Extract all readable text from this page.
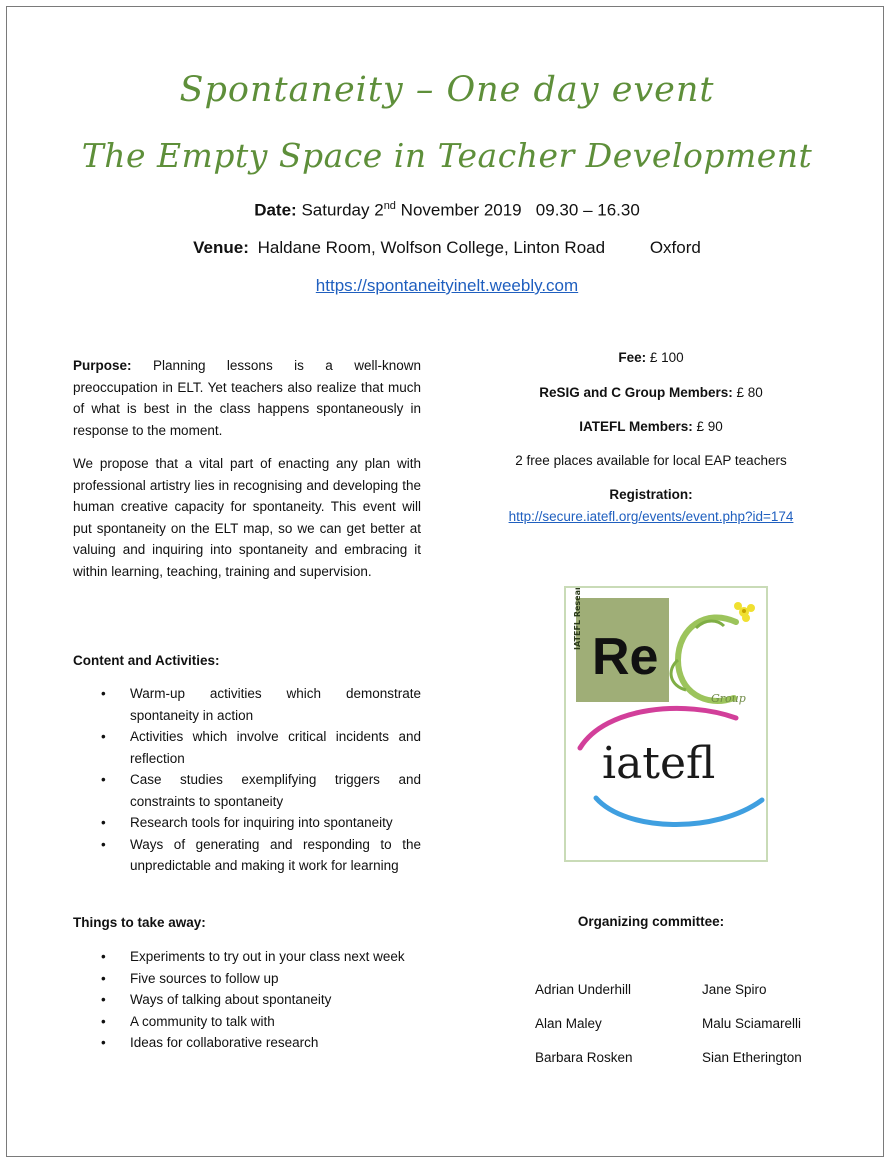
Spontaneity – One day event
The Empty Space in Teacher Development
Date: Saturday 2nd November 2019   09.30 – 16.30
Venue: Haldane Room, Wolfson College, Linton Road	Oxford
https://spontaneityinelt.weebly.com

Purpose: Planning lessons is a well-known preoccupation in ELT. Yet teachers also realize that much of what is best in the class happens spontaneously in response to the moment.

We propose that a vital part of enacting any plan with professional artistry lies in recognising and developing the human creative capacity for spontaneity. This event will put spontaneity on the ELT map, so we can get better at valuing and inquiring into spontaneity and embracing it within learning, teaching, training and supervision.

Content and Activities:
• Warm-up activities which demonstrate spontaneity in action
• Activities which involve critical incidents and reflection
• Case studies exemplifying triggers and constraints to spontaneity
• Research tools for inquiring into spontaneity
• Ways of generating and responding to the unpredictable and making it work for learning
Things to take away:
• Experiments to try out in your class next week
• Five sources to follow up
• Ways of talking about spontaneity
• A community to talk with
• Ideas for collaborative research
Fee: £ 100
ReSIG and C Group Members: £ 80
IATEFL Members: £ 90
2 free places available for local EAP teachers
Registration:
http://secure.iatefl.org/events/event.php?id=174
IATEFL Research SIG
Re
Group
iatefl
Organizing committee:
Adrian Underhill	Jane Spiro
Alan Maley	Malu Sciamarelli
Barbara Rosken	Sian Etherington
